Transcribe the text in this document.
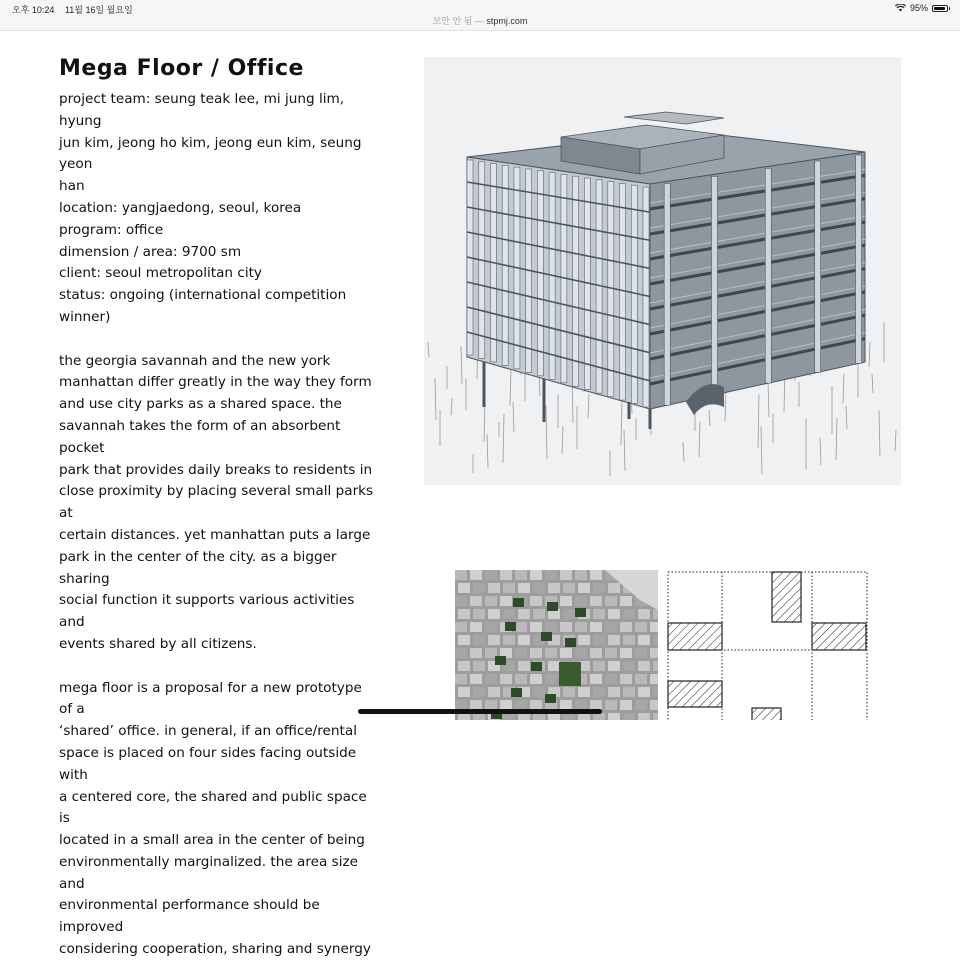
오후 10:24 11월 16일 월요일
보안 안 됨 — stpmj.com
95%
Mega Floor / Office
project team: seung teak lee, mi jung lim, hyung
jun kim, jeong ho kim, jeong eun kim, seung yeon
han
location: yangjaedong, seoul, korea
program: office
dimension / area: 9700 sm
client: seoul metropolitan city
status: ongoing (international competition
winner)
the georgia savannah and the new york
manhattan differ greatly in the way they form
and use city parks as a shared space. the
savannah takes the form of an absorbent pocket
park that provides daily breaks to residents in
close proximity by placing several small parks at
certain distances. yet manhattan puts a large
park in the center of the city. as a bigger sharing
social function it supports various activities and
events shared by all citizens.
mega floor is a proposal for a new prototype of a
‘shared’ office. in general, if an office/rental
space is placed on four sides facing outside with
a centered core, the shared and public space is
located in a small area in the center of being
environmentally marginalized. the area size and
environmental performance should be improved
considering cooperation, sharing and synergy
